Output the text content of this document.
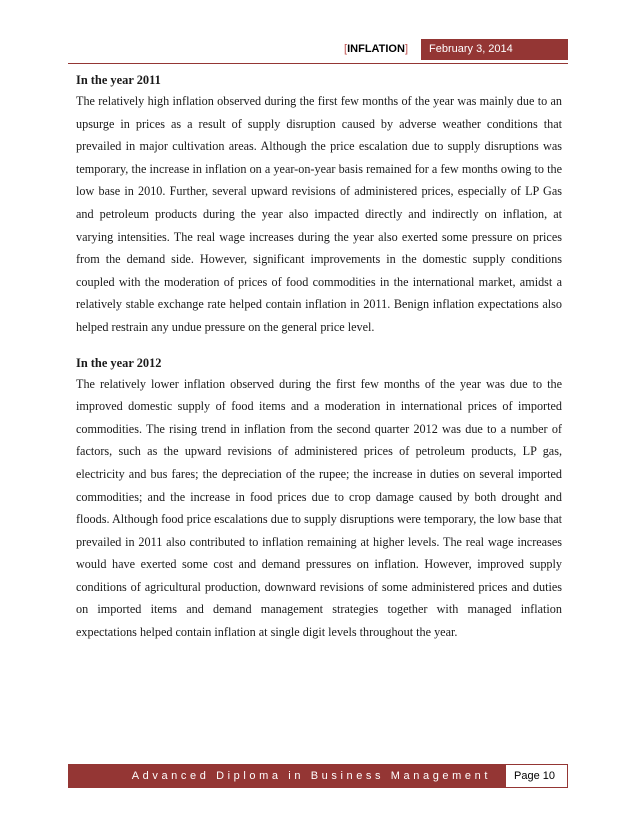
[INFLATION]	February 3, 2014

In the year 2011

The relatively high inflation observed during the first few months of the year was mainly due to an upsurge in prices as a result of supply disruption caused by adverse weather conditions that prevailed in major cultivation areas. Although the price escalation due to supply disruptions was temporary, the increase in inflation on a year-on-year basis remained for a few months owing to the low base in 2010. Further, several upward revisions of administered prices, especially of LP Gas and petroleum products during the year also impacted directly and indirectly on inflation, at varying intensities. The real wage increases during the year also exerted some pressure on prices from the demand side. However, significant improvements in the domestic supply conditions coupled with the moderation of prices of food commodities in the international market, amidst a relatively stable exchange rate helped contain inflation in 2011. Benign inflation expectations also helped restrain any undue pressure on the general price level.

In the year 2012

The relatively lower inflation observed during the first few months of the year was due to the improved domestic supply of food items and a moderation in international prices of imported commodities. The rising trend in inflation from the second quarter 2012 was due to a number of factors, such as the upward revisions of administered prices of petroleum products, LP gas, electricity and bus fares; the depreciation of the rupee; the increase in duties on several imported commodities; and the increase in food prices due to crop damage caused by both drought and floods. Although food price escalations due to supply disruptions were temporary, the low base that prevailed in 2011 also contributed to inflation remaining at higher levels. The real wage increases would have exerted some cost and demand pressures on inflation. However, improved supply conditions of agricultural production, downward revisions of some administered prices and duties on imported items and demand management strategies together with managed inflation expectations helped contain inflation at single digit levels throughout the year.

Advanced Diploma in Business Management	Page 10
